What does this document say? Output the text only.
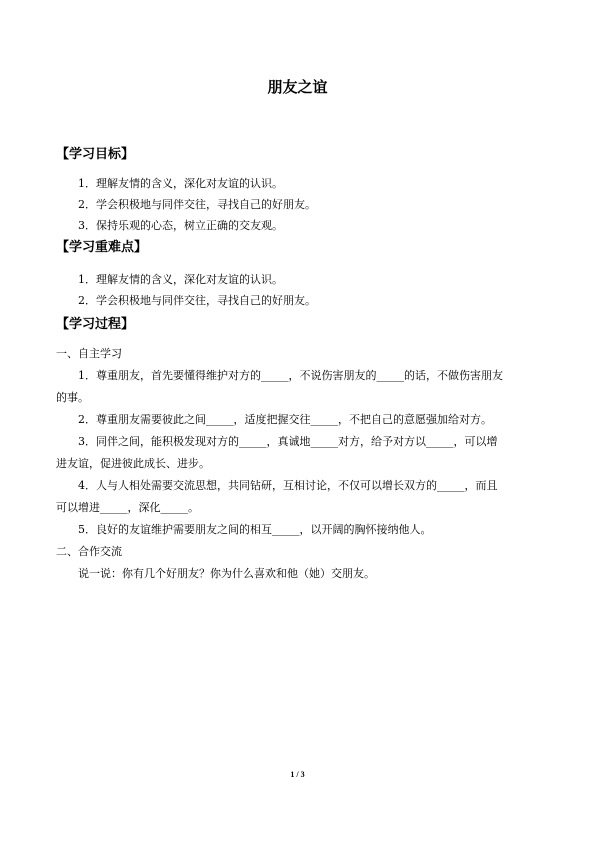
朋友之谊
【学习目标】
1．理解友情的含义，深化对友谊的认识。
2．学会积极地与同伴交往，寻找自己的好朋友。
3．保持乐观的心态，树立正确的交友观。
【学习重难点】
1．理解友情的含义，深化对友谊的认识。
2．学会积极地与同伴交往，寻找自己的好朋友。
【学习过程】
一、自主学习
1．尊重朋友，首先要懂得维护对方的_____，不说伤害朋友的_____的话，不做伤害朋友
的事。
2．尊重朋友需要彼此之间_____，适度把握交往_____，不把自己的意愿强加给对方。
3．同伴之间，能积极发现对方的_____，真诚地_____对方，给予对方以_____，可以增
进友谊，促进彼此成长、进步。
4．人与人相处需要交流思想，共同钻研，互相讨论，不仅可以增长双方的_____，而且
可以增进_____，深化_____。
5．良好的友谊维护需要朋友之间的相互_____，以开阔的胸怀接纳他人。
二、合作交流
说一说：你有几个好朋友？你为什么喜欢和他（她）交朋友。
1 / 3
